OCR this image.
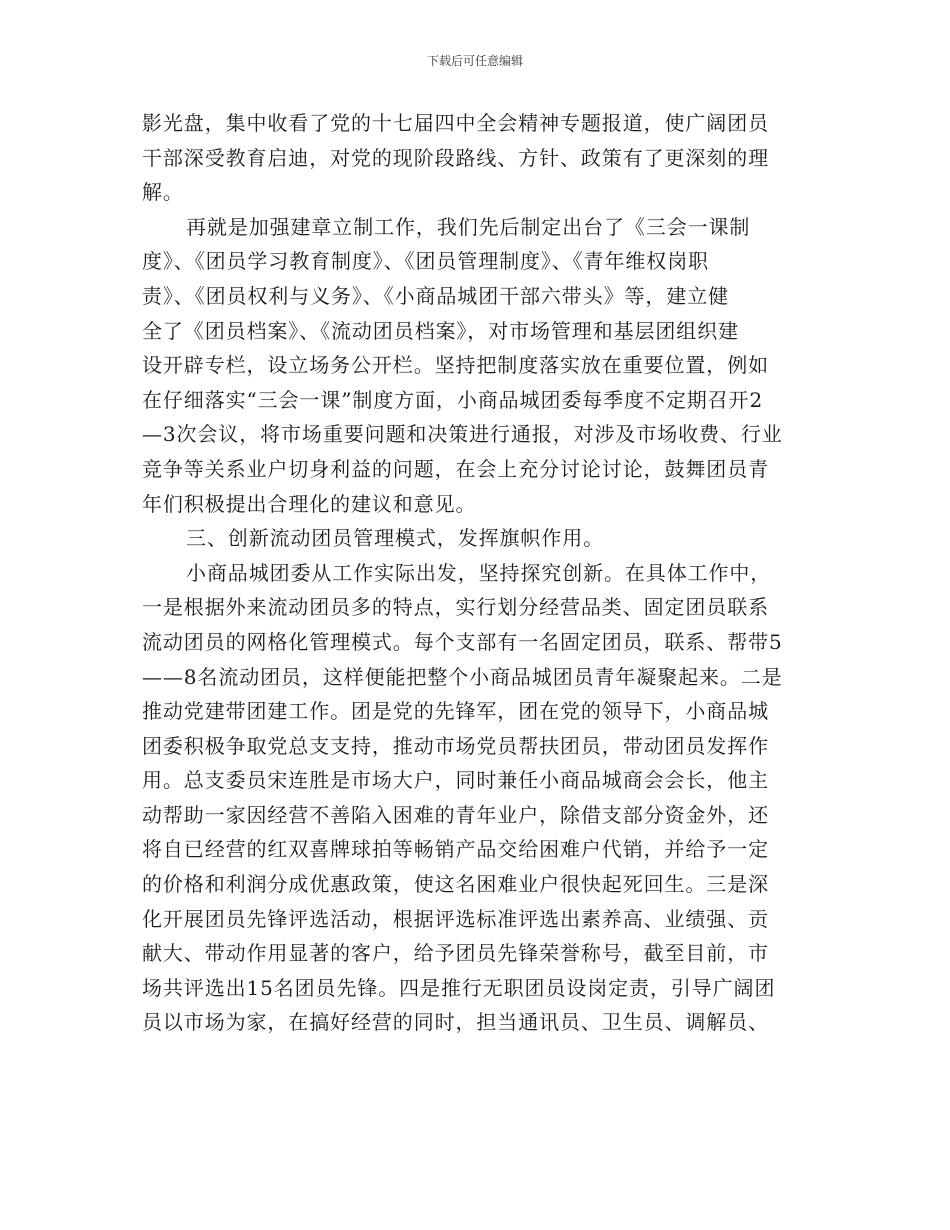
下载后可任意编辑
影光盘，集中收看了党的十七届四中全会精神专题报道，使广阔团员
干部深受教育启迪，对党的现阶段路线、方针、政策有了更深刻的理
解。
再就是加强建章立制工作，我们先后制定出台了《三会一课制
度》、《团员学习教育制度》、《团员管理制度》、《青年维权岗职
责》、《团员权利与义务》、《小商品城团干部六带头》等，建立健
全了《团员档案》、《流动团员档案》，对市场管理和基层团组织建
设开辟专栏，设立场务公开栏。坚持把制度落实放在重要位置，例如
在仔细落实“三会一课”制度方面，小商品城团委每季度不定期召开2
—3次会议，将市场重要问题和决策进行通报，对涉及市场收费、行业
竞争等关系业户切身利益的问题，在会上充分讨论讨论，鼓舞团员青
年们积极提出合理化的建议和意见。
三、创新流动团员管理模式，发挥旗帜作用。
小商品城团委从工作实际出发，坚持探究创新。在具体工作中，
一是根据外来流动团员多的特点，实行划分经营品类、固定团员联系
流动团员的网格化管理模式。每个支部有一名固定团员，联系、帮带5
——8名流动团员，这样便能把整个小商品城团员青年凝聚起来。二是
推动党建带团建工作。团是党的先锋军，团在党的领导下，小商品城
团委积极争取党总支支持，推动市场党员帮扶团员，带动团员发挥作
用。总支委员宋连胜是市场大户，同时兼任小商品城商会会长，他主
动帮助一家因经营不善陷入困难的青年业户，除借支部分资金外，还
将自已经营的红双喜牌球拍等畅销产品交给困难户代销，并给予一定
的价格和利润分成优惠政策，使这名困难业户很快起死回生。三是深
化开展团员先锋评选活动，根据评选标准评选出素养高、业绩强、贡
献大、带动作用显著的客户，给予团员先锋荣誉称号，截至目前，市
场共评选出15名团员先锋。四是推行无职团员设岗定责，引导广阔团
员以市场为家，在搞好经营的同时，担当通讯员、卫生员、调解员、
